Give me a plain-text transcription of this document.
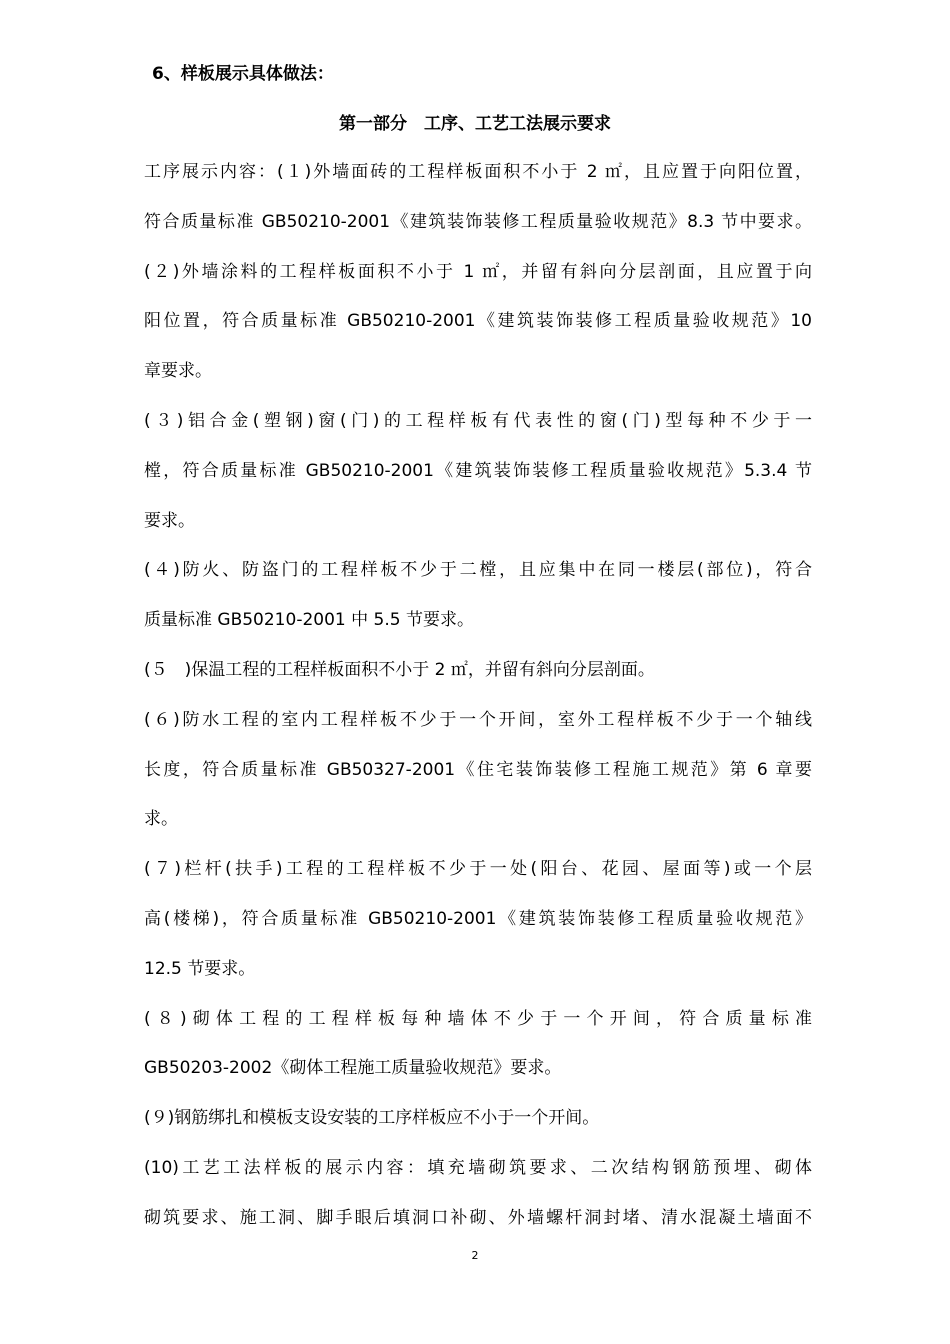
6、样板展示具体做法：
第一部分　工序、工艺工法展示要求
工序展示内容：(１)外墙面砖的工程样板面积不小于 2 ㎡，且应置于向阳位置，
符合质量标准 GB50210-2001《建筑装饰装修工程质量验收规范》8.3 节中要求。
(２)外墙涂料的工程样板面积不小于 1 ㎡，并留有斜向分层剖面，且应置于向
阳位置，符合质量标准 GB50210-2001《建筑装饰装修工程质量验收规范》10
章要求。
(３)铝合金(塑钢)窗(门)的工程样板有代表性的窗(门)型每种不少于一
樘，符合质量标准 GB50210-2001《建筑装饰装修工程质量验收规范》5.3.4 节
要求。
(４)防火、防盗门的工程样板不少于二樘，且应集中在同一楼层(部位)，符合
质量标准 GB50210-2001 中 5.5 节要求。
(５　)保温工程的工程样板面积不小于 2 ㎡，并留有斜向分层剖面。
(６)防水工程的室内工程样板不少于一个开间，室外工程样板不少于一个轴线
长度，符合质量标准 GB50327-2001《住宅装饰装修工程施工规范》第 6 章要
求。
(７)栏杆(扶手)工程的工程样板不少于一处(阳台、花园、屋面等)或一个层
高(楼梯)，符合质量标准 GB50210-2001《建筑装饰装修工程质量验收规范》
12.5 节要求。
(８)砌体工程的工程样板每种墙体不少于一个开间，符合质量标准
GB50203-2002《砌体工程施工质量验收规范》要求。
(９)钢筋绑扎和模板支设安装的工序样板应不小于一个开间。
(10)工艺工法样板的展示内容：填充墙砌筑要求、二次结构钢筋预埋、砌体
砌筑要求、施工洞、脚手眼后填洞口补砌、外墙螺杆洞封堵、清水混凝土墙面不
2
